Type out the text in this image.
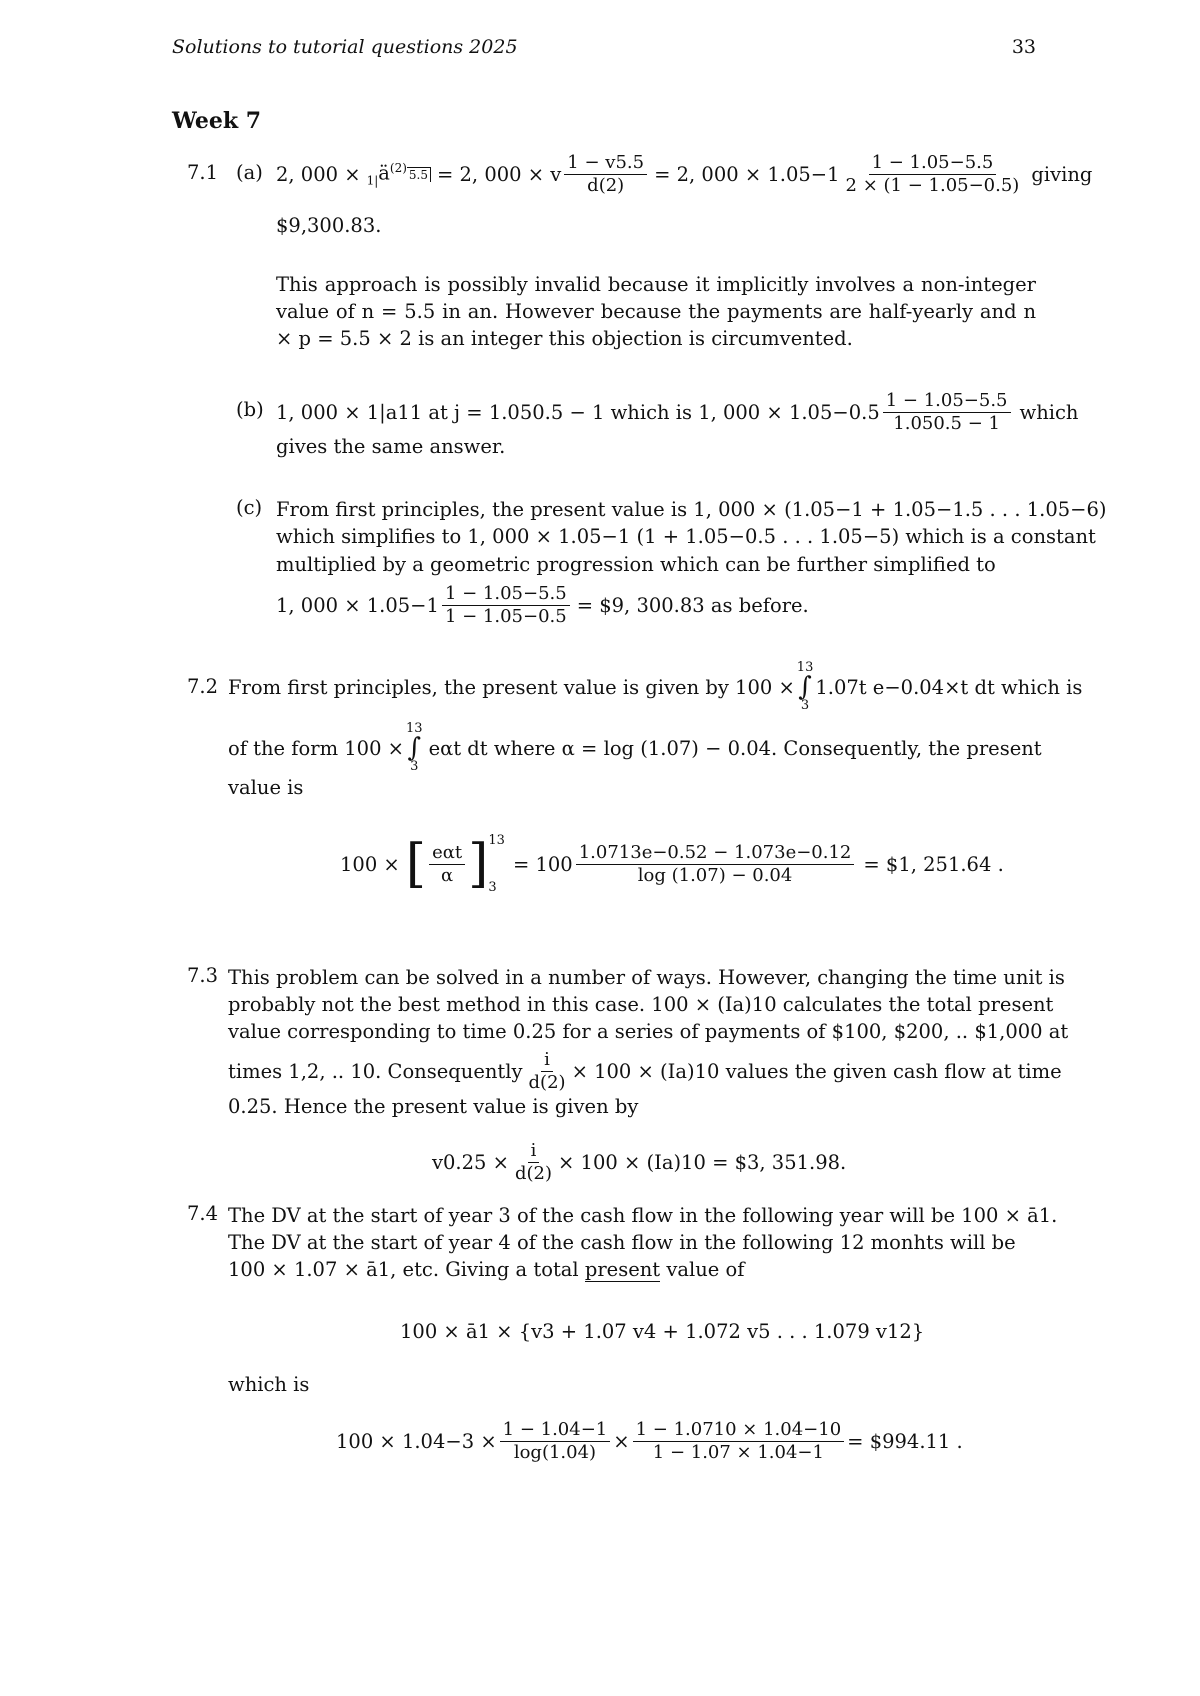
Solutions to tutorial questions 2025	33
Week 7
7.1 (a) 2, $000 \times _{1|}ä^{(2)}5.5 = 2$, 000 × v $\frac{1 - v5.5}{d(2)} = 2$, $000 \times 1.05-1 \frac{1 - 1.05-5.5}{2 \times (1 - 1.05-0.5)}$ giving
$9,300.83.
This approach is possibly invalid because it implicitly involves a non-integer value of n = 5.5 in an. However because the payments are half-yearly and n × p = 5.5 × 2 is an integer this objection is circumvented.
(b) 1, 000 × 1|a11 at j = 1.050.5 − 1 which is 1, $000 \times 1.05-0.5 \frac{1 - 1.05-5.5}{1.050.5 - 1}$ which
gives the same answer.
(c) From first principles, the present value is 1, 000 × (1.05−1 + 1.05−1.5 . . . 1.05−6)
which simplifies to 1, 000 × 1.05−1 (1 + 1.05−0.5 . . . 1.05−5) which is a constant
multiplied by a geometric progression which can be further simplified to
1, $000 \times 1.05-1 \frac{1 - 1.05-5.5}{1 - 1.05-0.5}$ = $9, 300.83 as before.
7.2 From first principles, the present value is given by 100 ×
13
∫
3
1.07t e−0.04×t dt which is
of the form 100 ×
13
∫
3
eαt dt where α = log (1.07) − 0.04. Consequently, the present
value is
100 × [ $\frac{\text{eαt}}{\alpha}$ ] 13
3
= $100 \frac{1.0713e-0.52 - 1.073e-0.12}{\log (1.07) - 0.04}$ = $1, 251.64 .
7.3 This problem can be solved in a number of ways. However, changing the time unit is
probably not the best method in this case. 100 × (Ia)10 calculates the total present
value corresponding to time 0.25 for a series of payments of $100, $200, .. $1,000 at
times 1,2, .. 10. Consequently $\frac{i}{d(2)} \times 100 \times (Ia)10$ values the given cash flow at time
0.25. Hence the present value is given by
$v0.25 \times \frac{i}{d(2)} \times 100 \times (Ia)10$ = $3, 351.98.
7.4 The DV at the start of year 3 of the cash flow in the following year will be 100 × ā1.
The DV at the start of year 4 of the cash flow in the following 12 monhts will be
100 × 1.07 × ā1, etc. Giving a total present value of
100 × ā1 × {v3 + 1.07 v4 + 1.072 v5 . . . 1.079 v12}
which is
$100 \times 1.04-3 \times \frac{1 - 1.04-1}{\log(1.04)} \times \frac{1 - 1.0710 \times 1.04-10}{1 - 1.07 \times 1.04-1}$ = $994.11 .
